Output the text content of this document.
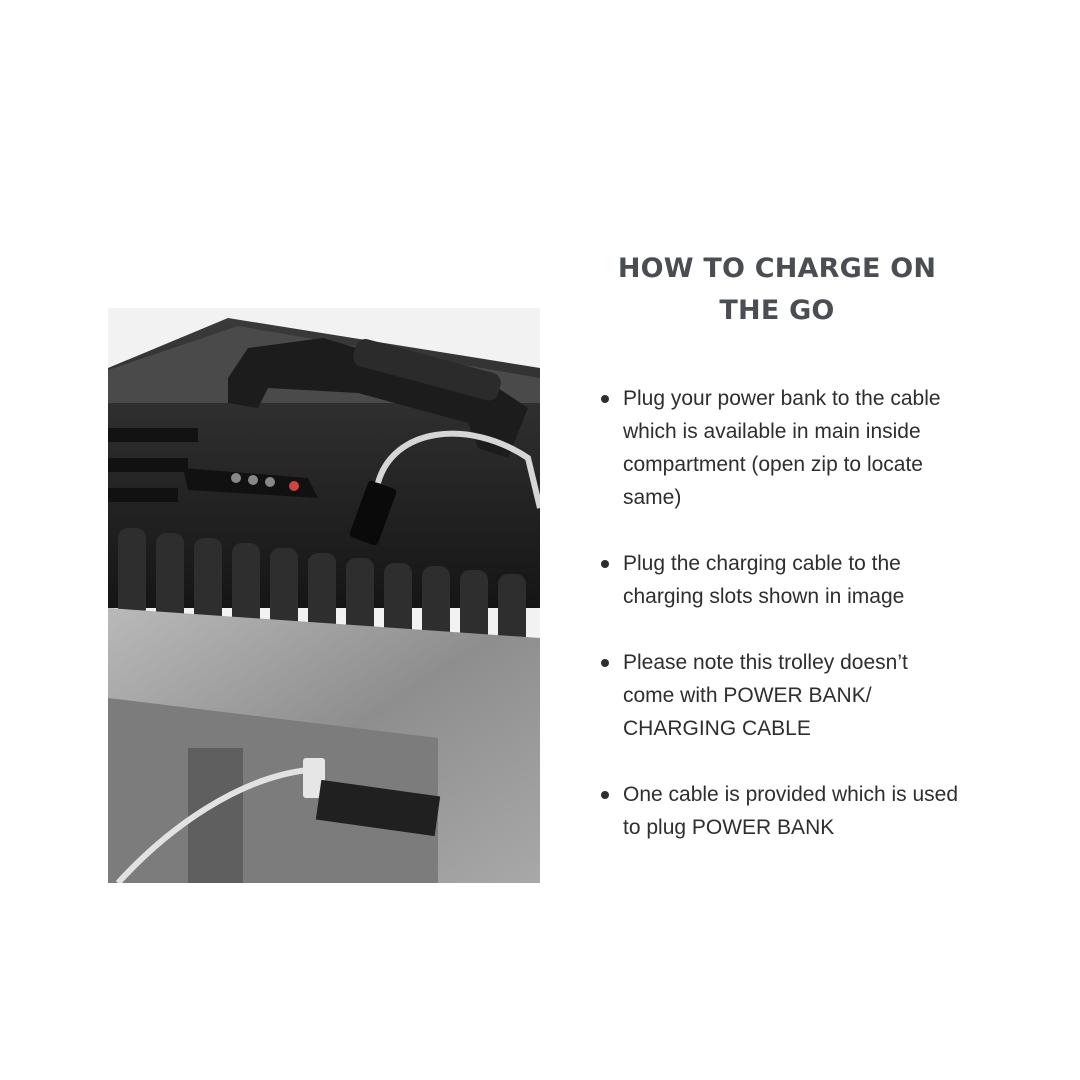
HOW TO CHARGE ON THE GO
Plug your power bank to the cable which is available in main inside compartment (open zip to locate same)
Plug the charging cable to the charging slots shown in image
Please note this trolley doesn’t come with POWER BANK/ CHARGING CABLE
One cable is provided which is used to plug POWER BANK
